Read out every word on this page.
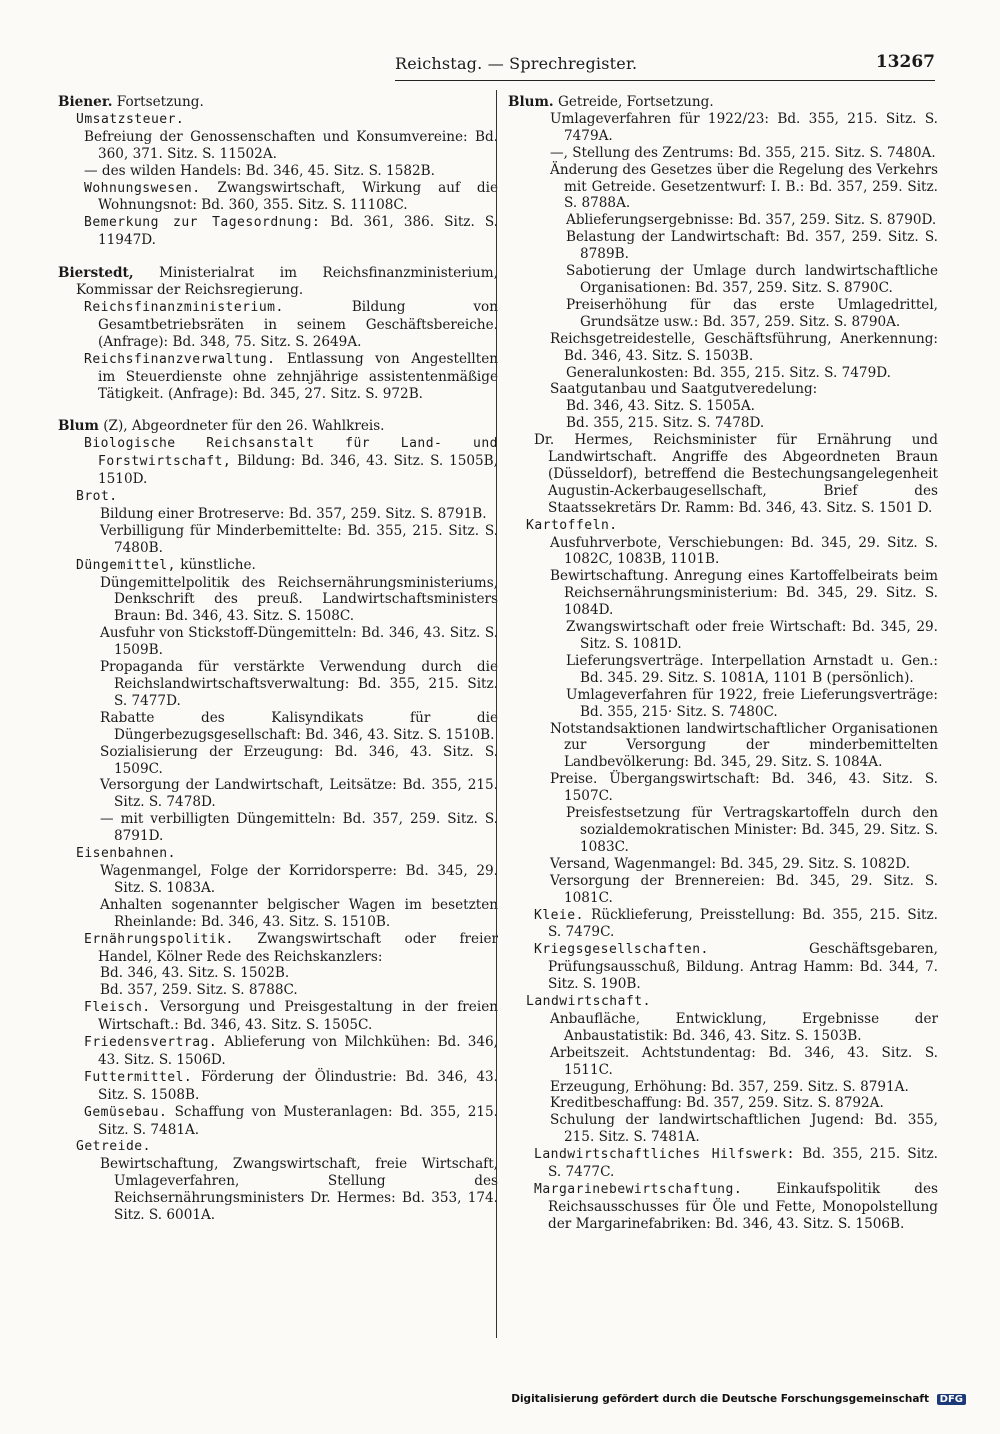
Reichstag. — Sprechregister.	13267
Biener. Fortsetzung.
Umsatzsteuer.
Befreiung der Genossenschaften und Konsumvereine: Bd. 360, 371. Sitz. S. 11502A.
— des wilden Handels: Bd. 346, 45. Sitz. S. 1582B.
Wohnungswesen. Zwangswirtschaft, Wirkung auf die Wohnungsnot: Bd. 360, 355. Sitz. S. 11108C.
Bemerkung zur Tagesordnung: Bd. 361, 386. Sitz. S. 11947D.
Bierstedt, Ministerialrat im Reichsfinanzministerium, Kommissar der Reichsregierung.
Reichsfinanzministerium. Bildung von Gesamtbetriebsräten in seinem Geschäftsbereiche. (Anfrage): Bd. 348, 75. Sitz. S. 2649A.
Reichsfinanzverwaltung. Entlassung von Angestellten im Steuerdienste ohne zehnjährige assistentenmäßige Tätigkeit. (Anfrage): Bd. 345, 27. Sitz. S. 972B.
Blum (Z), Abgeordneter für den 26. Wahlkreis.
Biologische Reichsanstalt für Land- und Forstwirtschaft, Bildung: Bd. 346, 43. Sitz. S. 1505B, 1510D.
Brot.
Bildung einer Brotreserve: Bd. 357, 259. Sitz. S. 8791B.
Verbilligung für Minderbemittelte: Bd. 355, 215. Sitz. S. 7480B.
Düngemittel, künstliche.
Düngemittelpolitik des Reichsernährungsministeriums, Denkschrift des preuß. Landwirtschaftsministers Braun: Bd. 346, 43. Sitz. S. 1508C.
Ausfuhr von Stickstoff-Düngemitteln: Bd. 346, 43. Sitz. S. 1509B.
Propaganda für verstärkte Verwendung durch die Reichslandwirtschaftsverwaltung: Bd. 355, 215. Sitz. S. 7477D.
Rabatte des Kalisyndikats für die Düngerbezugsgesellschaft: Bd. 346, 43. Sitz. S. 1510B.
Sozialisierung der Erzeugung: Bd. 346, 43. Sitz. S. 1509C.
Versorgung der Landwirtschaft, Leitsätze: Bd. 355, 215. Sitz. S. 7478D.
— mit verbilligten Düngemitteln: Bd. 357, 259. Sitz. S. 8791D.
Eisenbahnen.
Wagenmangel, Folge der Korridorsperre: Bd. 345, 29. Sitz. S. 1083A.
Anhalten sogenannter belgischer Wagen im besetzten Rheinlande: Bd. 346, 43. Sitz. S. 1510B.
Ernährungspolitik. Zwangswirtschaft oder freier Handel, Kölner Rede des Reichskanzlers:
Bd. 346, 43. Sitz. S. 1502B.
Bd. 357, 259. Sitz. S. 8788C.
Fleisch. Versorgung und Preisgestaltung in der freien Wirtschaft.: Bd. 346, 43. Sitz. S. 1505C.
Friedensvertrag. Ablieferung von Milchkühen: Bd. 346, 43. Sitz. S. 1506D.
Futtermittel. Förderung der Ölindustrie: Bd. 346, 43. Sitz. S. 1508B.
Gemüsebau. Schaffung von Musteranlagen: Bd. 355, 215. Sitz. S. 7481A.
Getreide.
Bewirtschaftung, Zwangswirtschaft, freie Wirtschaft, Umlageverfahren, Stellung des Reichsernährungsministers Dr. Hermes: Bd. 353, 174. Sitz. S. 6001A.
Blum. Getreide, Fortsetzung.
Umlageverfahren für 1922/23: Bd. 355, 215. Sitz. S. 7479A.
—, Stellung des Zentrums: Bd. 355, 215. Sitz. S. 7480A.
Änderung des Gesetzes über die Regelung des Verkehrs mit Getreide. Gesetzentwurf: I. B.: Bd. 357, 259. Sitz. S. 8788A.
Ablieferungsergebnisse: Bd. 357, 259. Sitz. S. 8790D.
Belastung der Landwirtschaft: Bd. 357, 259. Sitz. S. 8789B.
Sabotierung der Umlage durch landwirtschaftliche Organisationen: Bd. 357, 259. Sitz. S. 8790C.
Preiserhöhung für das erste Umlagedrittel, Grundsätze usw.: Bd. 357, 259. Sitz. S. 8790A.
Reichsgetreidestelle, Geschäftsführung, Anerkennung: Bd. 346, 43. Sitz. S. 1503B.
Generalunkosten: Bd. 355, 215. Sitz. S. 7479D.
Saatgutanbau und Saatgutveredelung:
Bd. 346, 43. Sitz. S. 1505A.
Bd. 355, 215. Sitz. S. 7478D.
Dr. Hermes, Reichsminister für Ernährung und Landwirtschaft. Angriffe des Abgeordneten Braun (Düsseldorf), betreffend die Bestechungsangelegenheit Augustin-Ackerbaugesellschaft, Brief des Staatssekretärs Dr. Ramm: Bd. 346, 43. Sitz. S. 1501 D.
Kartoffeln.
Ausfuhrverbote, Verschiebungen: Bd. 345, 29. Sitz. S. 1082C, 1083B, 1101B.
Bewirtschaftung. Anregung eines Kartoffelbeirats beim Reichsernährungsministerium: Bd. 345, 29. Sitz. S. 1084D.
Zwangswirtschaft oder freie Wirtschaft: Bd. 345, 29. Sitz. S. 1081D.
Lieferungsverträge. Interpellation Arnstadt u. Gen.: Bd. 345. 29. Sitz. S. 1081A, 1101 B (persönlich).
Umlageverfahren für 1922, freie Lieferungsverträge: Bd. 355, 215· Sitz. S. 7480C.
Notstandsaktionen landwirtschaftlicher Organisationen zur Versorgung der minderbemittelten Landbevölkerung: Bd. 345, 29. Sitz. S. 1084A.
Preise. Übergangswirtschaft: Bd. 346, 43. Sitz. S. 1507C.
Preisfestsetzung für Vertragskartoffeln durch den sozialdemokratischen Minister: Bd. 345, 29. Sitz. S. 1083C.
Versand, Wagenmangel: Bd. 345, 29. Sitz. S. 1082D.
Versorgung der Brennereien: Bd. 345, 29. Sitz. S. 1081C.
Kleie. Rücklieferung, Preisstellung: Bd. 355, 215. Sitz. S. 7479C.
Kriegsgesellschaften. Geschäftsgebaren, Prüfungsausschuß, Bildung. Antrag Hamm: Bd. 344, 7. Sitz. S. 190B.
Landwirtschaft.
Anbaufläche, Entwicklung, Ergebnisse der Anbaustatistik: Bd. 346, 43. Sitz. S. 1503B.
Arbeitszeit. Achtstundentag: Bd. 346, 43. Sitz. S. 1511C.
Erzeugung, Erhöhung: Bd. 357, 259. Sitz. S. 8791A.
Kreditbeschaffung: Bd. 357, 259. Sitz. S. 8792A.
Schulung der landwirtschaftlichen Jugend: Bd. 355, 215. Sitz. S. 7481A.
Landwirtschaftliches Hilfswerk: Bd. 355, 215. Sitz. S. 7477C.
Margarinebewirtschaftung. Einkaufspolitik des Reichsausschusses für Öle und Fette, Monopolstellung der Margarinefabriken: Bd. 346, 43. Sitz. S. 1506B.
Digitalisierung gefördert durch die Deutsche Forschungsgemeinschaft DFG
